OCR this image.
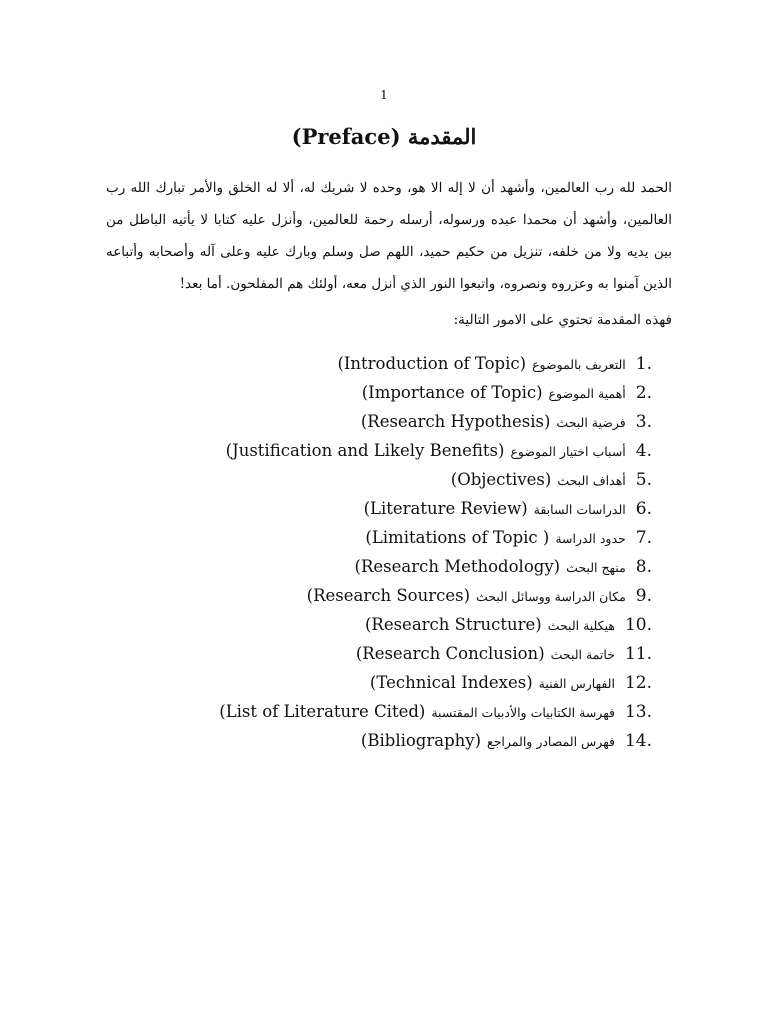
1
المقدمة (Preface)

الحمد لله رب العالمين، وأشهد أن لا إله الا هو، وحده لا شريك له، ألا له الخلق والأمر تبارك الله رب العالمين، وأشهد أن محمدا عبده ورسوله، أرسله رحمة للعالمين، وأنزل عليه كتابا لا يأتيه الباطل من بين يديه ولا من خلفه، تنزيل من حكيم حميد، اللهم صل وسلم وبارك عليه وعلى آله وأصحابه وأتباعه الذين آمنوا به وعزروه ونصروه، واتبعوا النور الذي أنزل معه، أولئك هم المفلحون. أما بعد!

فهذه المقدمة تحتوي على الامور التالية:

1.التعريف بالموضوع(Introduction of Topic)
2.أهمية الموضوع(Importance of Topic)
3.فرضية البحث(Research Hypothesis)
4.أسباب اختيار الموضوع(Justification and Likely Benefits)
5.أهداف البحث(Objectives)
6.الدراسات السابقة(Literature Review)
7.حدود الدراسة( Limitations of Topic)
8.منهج البحث(Research Methodology)
9.مكان الدراسة ووسائل البحث(Research Sources)
10.هيكلية البحث(Research Structure)
11.خاتمة البحث(Research Conclusion)
12.الفهارس الفنية(Technical Indexes)
13.فهرسة الكتابيات والأدبيات المقتسبة(List of Literature Cited)
14.فهرس المصادر والمراجع(Bibliography)
